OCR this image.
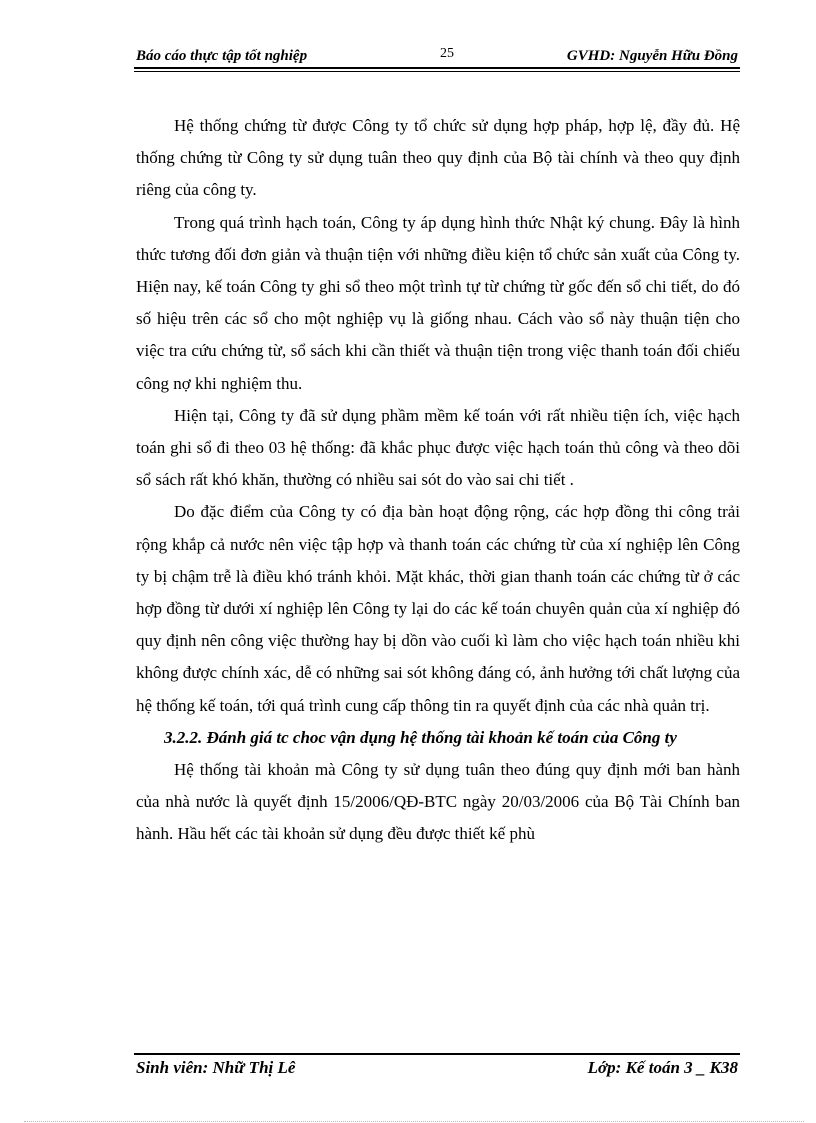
Báo cáo thực tập tốt nghiệp	25	GVHD: Nguyễn Hữu Đồng

Hệ thống chứng từ được Công ty tổ chức sử dụng hợp pháp, hợp lệ, đầy đủ. Hệ thống chứng từ Công ty sử dụng tuân theo quy định của Bộ tài chính và theo quy định riêng của công ty.

Trong quá trình hạch toán, Công ty áp dụng hình thức Nhật ký chung. Đây là hình thức tương đối đơn giản và thuận tiện với những điều kiện tổ chức sản xuất của Công ty. Hiện nay, kế toán Công ty ghi sổ theo một trình tự từ chứng từ gốc đến sổ chi tiết, do đó số hiệu trên các sổ cho một nghiệp vụ là giống nhau. Cách vào sổ này thuận tiện cho việc tra cứu chứng từ, sổ sách khi cần thiết và thuận tiện trong việc thanh toán đối chiếu công nợ khi nghiệm thu.

Hiện tại, Công ty đã sử dụng phầm mềm kế toán với rất nhiều tiện ích, việc hạch toán ghi sổ đi theo 03 hệ thống: đã khắc phục được việc hạch toán thủ công và theo dõi sổ sách rất khó khăn, thường có nhiều sai sót do vào sai chi tiết .

Do đặc điểm của Công ty có địa bàn hoạt động rộng, các hợp đồng thi công trải rộng khắp cả nước nên việc tập hợp và thanh toán các chứng từ của xí nghiệp lên Công ty bị chậm trễ là điều khó tránh khỏi. Mặt khác, thời gian thanh toán các chứng từ ở các hợp đồng từ dưới xí nghiệp lên Công ty lại do các kế toán chuyên quản của xí nghiệp đó quy định nên công việc thường hay bị dồn vào cuối kì làm cho việc hạch toán nhiều khi không được chính xác, dễ có những sai sót không đáng có, ảnh hưởng tới chất lượng của hệ thống kế toán, tới quá trình cung cấp thông tin ra quyết định của các nhà quản trị.

3.2.2. Đánh giá tc choc vận dụng hệ thống tài khoản kế toán của Công ty

Hệ thống tài khoản mà Công ty sử dụng tuân theo đúng quy định mới ban hành của nhà nước là quyết định 15/2006/QĐ-BTC ngày 20/03/2006 của Bộ Tài Chính ban hành. Hầu hết các tài khoản sử dụng đều được thiết kế phù

Sinh viên: Nhữ Thị Lê	Lớp: Kế toán 3 _ K38
